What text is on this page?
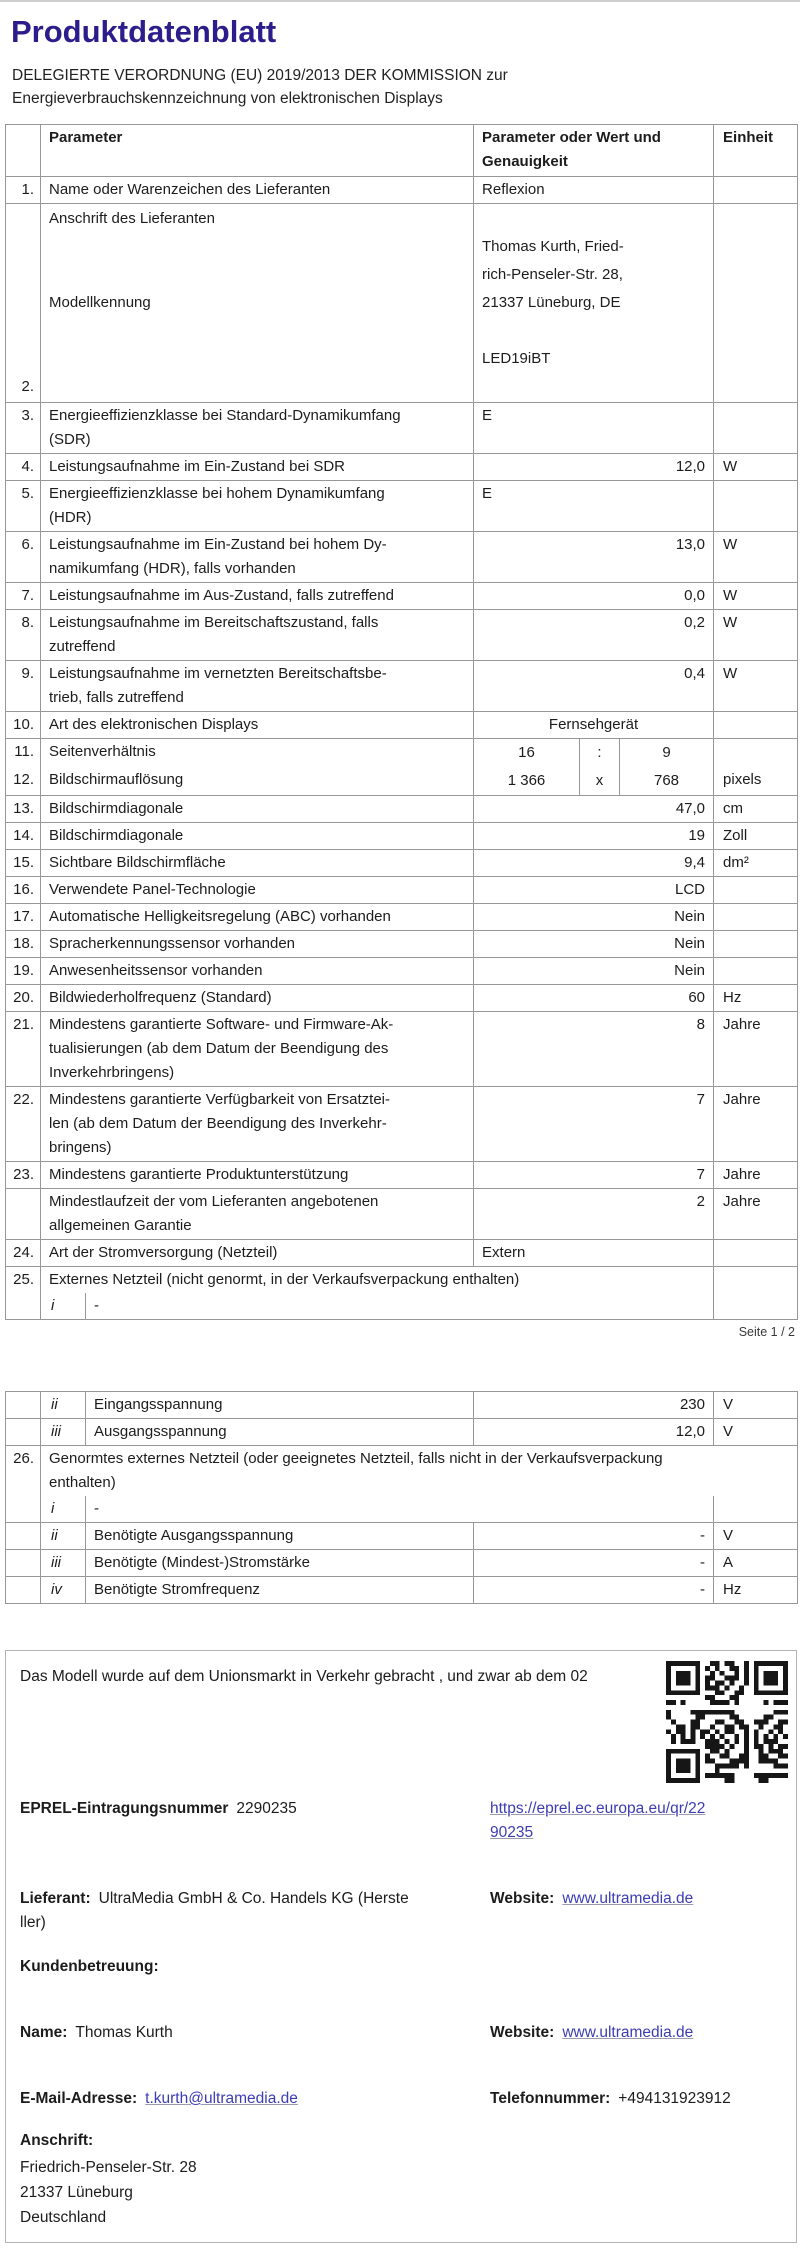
Produktdatenblatt
DELEGIERTE VERORDNUNG (EU) 2019/2013 DER KOMMISSION zur
Energieverbrauchskennzeichnung von elektronischen Displays
	Parameter		Parameter oder Wert und
Genauigkeit	Einheit
1.	Name oder Warenzeichen des Lieferanten		Reflexion	
2.	Anschrift des Lieferanten
Modellkennung		Thomas Kurth, Fried-
rich-Penseler-Str. 28,
21337 Lüneburg, DE

LED19iBT	

3.	Energieeffizienzklasse bei Standard-Dynamikumfang
(SDR)		E	
4.	Leistungsaufnahme im Ein-Zustand bei SDR		12,0	W
5.	Energieeffizienzklasse bei hohem Dynamikumfang
(HDR)		E	
6.	Leistungsaufnahme im Ein-Zustand bei hohem Dy-
namikumfang (HDR), falls vorhanden		13,0	W
7.	Leistungsaufnahme im Aus-Zustand, falls zutreffend		0,0	W
8.	Leistungsaufnahme im Bereitschaftszustand, falls
zutreffend		0,2	W
9.	Leistungsaufnahme im vernetzten Bereitschaftsbe-
trieb, falls zutreffend		0,4	W
10.	Art des elektronischen Displays		Fernsehgerät	
11.	Seitenverhältnis		16 : 9	

12.	Bildschirmauflösung		1 366 x 768	pixels
13.	Bildschirmdiagonale		47,0	cm
14.	Bildschirmdiagonale		19	Zoll
15.	Sichtbare Bildschirmfläche		9,4	dm²
16.	Verwendete Panel-Technologie		LCD	
17.	Automatische Helligkeitsregelung (ABC) vorhanden		Nein	
18.	Spracherkennungssensor vorhanden		Nein	
19.	Anwesenheitssensor vorhanden		Nein	
20.	Bildwiederholfrequenz (Standard)		60	Hz
21.	Mindestens garantierte Software- und Firmware-Ak-
tualisierungen (ab dem Datum der Beendigung des
Inverkehrbringens)		8	Jahre
22.	Mindestens garantierte Verfügbarkeit von Ersatztei-
len (ab dem Datum der Beendigung des Inverkehr-
bringens)		7	Jahre
23.	Mindestens garantierte Produktunterstützung		7	Jahre
	Mindestlaufzeit der vom Lieferanten angebotenen
allgemeinen Garantie		2	Jahre
24.	Art der Stromversorgung (Netzteil)		Extern	
25.	Externes Netzteil (nicht genormt, in der Verkaufsverpackung enthalten)			
	i	-		
Seite 1 / 2
	ii	Eingangsspannung	230	V
	iii	Ausgangsspannung	12,0	V
26.	Genormtes externes Netzteil (oder geeignetes Netzteil, falls nicht in der Verkaufsverpackung
enthalten)			
	i	-		
	ii	Benötigte Ausgangsspannung	-	V
	iii	Benötigte (Mindest-)Stromstärke	-	A
	iv	Benötigte Stromfrequenz	-	Hz
Das Modell wurde auf dem Unionsmarkt in Verkehr gebracht , und zwar ab dem 02

EPREL-Eintragungsnummer 2290235	https://eprel.ec.europa.eu/qr/22
90235

Lieferant: UltraMedia GmbH & Co. Handels KG (Herste
ller)

Website: www.ultramedia.de

Kundenbetreuung:

Name: Thomas Kurth	Website: www.ultramedia.de

E-Mail-Adresse: t.kurth@ultramedia.de	Telefonnummer: +494131923912

Anschrift:
Friedrich-Penseler-Str. 28
21337 Lüneburg
Deutschland
